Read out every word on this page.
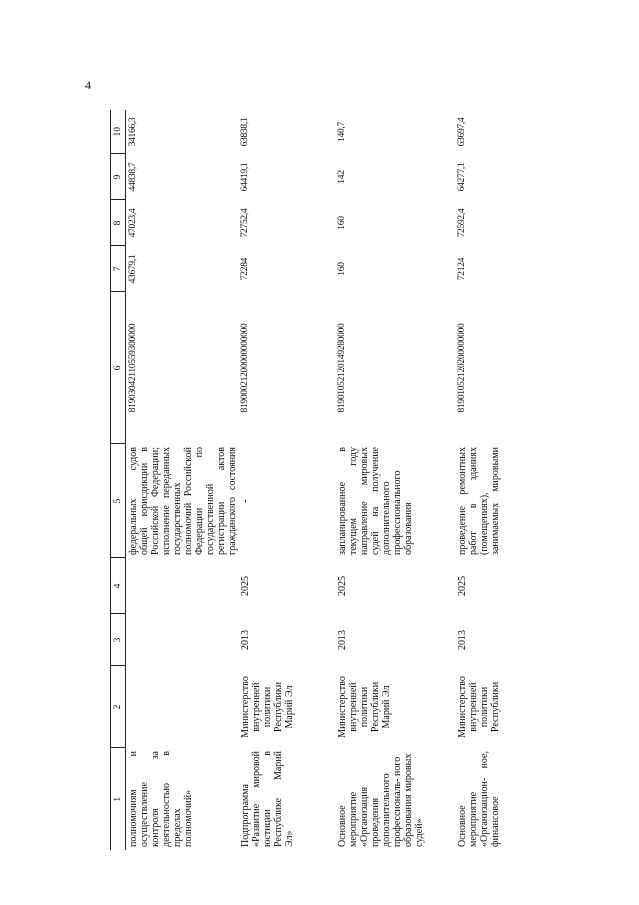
4
1	2	3	4	5	6	7	8	9	10
полномочиям и осуществление контроля за деятельностью в пределах полномочий»				федеральных судов общей юрисдикции в Российской Федерации; исполнение переданных государственных полномочий Российской Федерации по государственной регистрации актов гражданского состояния	81903042110559300000	43679,1	47023,4	44838,7	34166,3
Подпрограмма «Развитие мировой юстиции в Республике Марий Эл»	Министерство внутренней политики Республики Марий Эл	2013	2025	-	81900021200000000000	72284	72752,4	64419,1	63838,1
Основное мероприятие «Организация проведения дополнительного профессиональ- ного образования мировых судей»	Министерство внутренней политики Республики Марий Эл	2013	2025	запланированное в текущем году направление мировых судей на получение дополнительного профессионального образования	81901052120149280000	160	160	142	140,7
Основное мероприятие «Организацион- ное, финансовое	Министерство внутренней политики Республики	2013	2025	проведение ремонтных работ в зданиях (помещениях), занимаемых мировыми	81901052120200000000	72124	72592,4	64277,1	63697,4
